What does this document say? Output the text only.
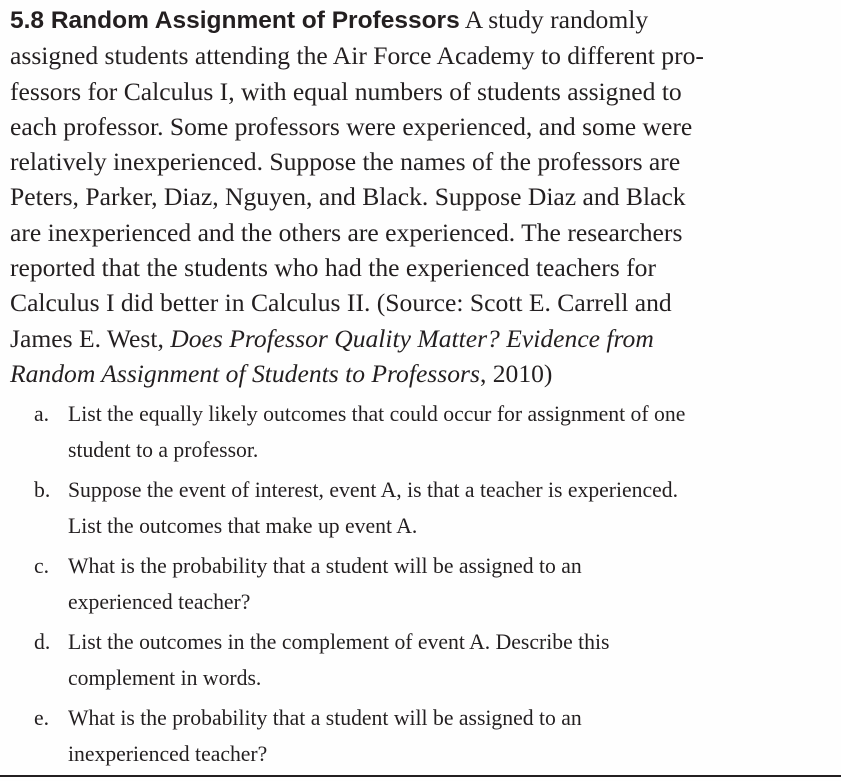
5.8 Random Assignment of Professors A study randomly
assigned students attending the Air Force Academy to different pro-
fessors for Calculus I, with equal numbers of students assigned to
each professor. Some professors were experienced, and some were
relatively inexperienced. Suppose the names of the professors are
Peters, Parker, Diaz, Nguyen, and Black. Suppose Diaz and Black
are inexperienced and the others are experienced. The researchers
reported that the students who had the experienced teachers for
Calculus I did better in Calculus II. (Source: Scott E. Carrell and
James E. West, Does Professor Quality Matter? Evidence from
Random Assignment of Students to Professors, 2010)

a. List the equally likely outcomes that could occur for assignment of one
student to a professor.
b. Suppose the event of interest, event A, is that a teacher is experienced.
List the outcomes that make up event A.
c. What is the probability that a student will be assigned to an
experienced teacher?
d. List the outcomes in the complement of event A. Describe this
complement in words.
e. What is the probability that a student will be assigned to an
inexperienced teacher?
